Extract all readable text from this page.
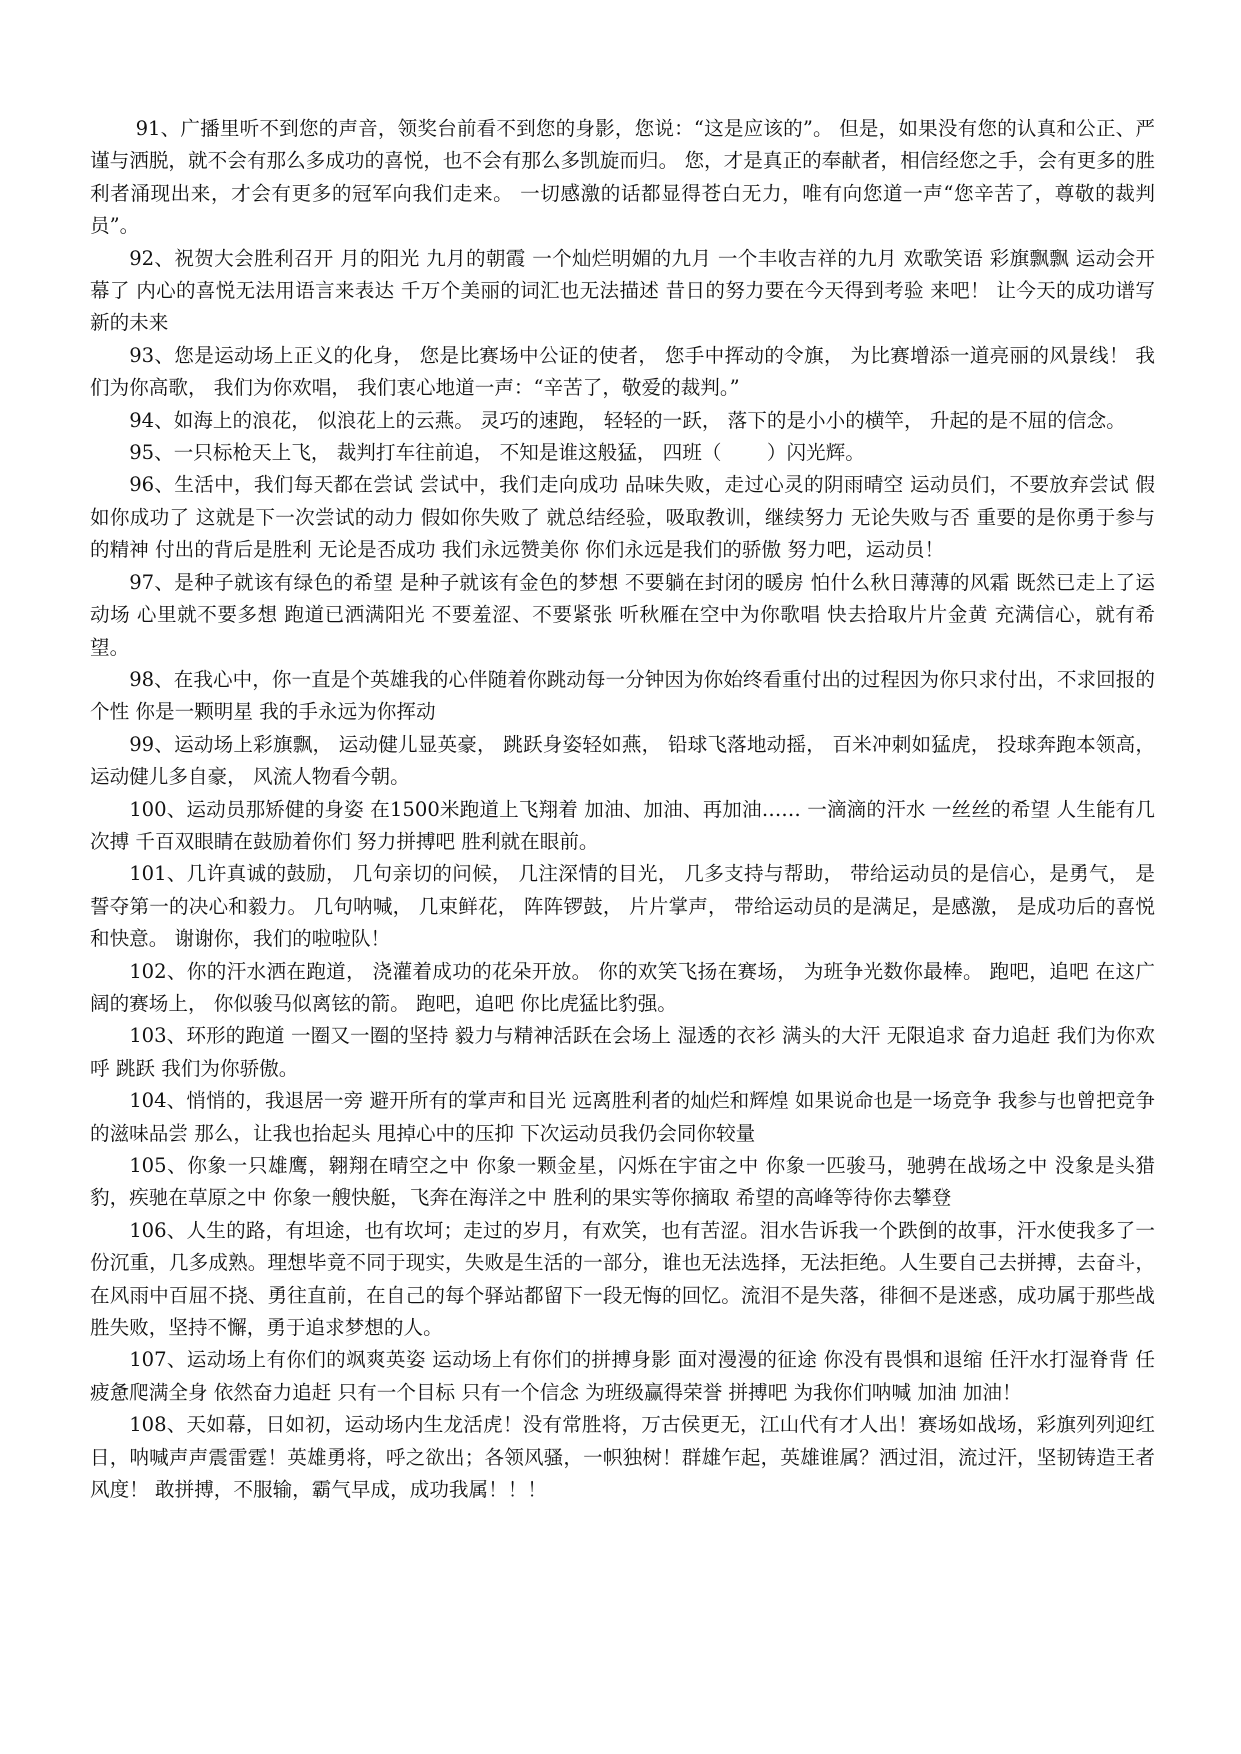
91、广播里听不到您的声音，领奖台前看不到您的身影，您说：“这是应该的”。 但是，如果没有您的认真和公正、严谨与洒脱，就不会有那么多成功的喜悦，也不会有那么多凯旋而归。 您，才是真正的奉献者，相信经您之手，会有更多的胜利者涌现出来，才会有更多的冠军向我们走来。 一切感激的话都显得苍白无力，唯有向您道一声“您辛苦了，尊敬的裁判员”。

92、祝贺大会胜利召开 月的阳光 九月的朝霞 一个灿烂明媚的九月 一个丰收吉祥的九月 欢歌笑语 彩旗飘飘 运动会开幕了 内心的喜悦无法用语言来表达 千万个美丽的词汇也无法描述 昔日的努力要在今天得到考验 来吧！ 让今天的成功谱写新的未来

93、您是运动场上正义的化身， 您是比赛场中公证的使者， 您手中挥动的令旗， 为比赛增添一道亮丽的风景线！ 我们为你高歌， 我们为你欢唱， 我们衷心地道一声：“辛苦了，敬爱的裁判。”

94、如海上的浪花， 似浪花上的云燕。 灵巧的速跑， 轻轻的一跃， 落下的是小小的横竿， 升起的是不屈的信念。

95、一只标枪天上飞， 裁判打车往前追， 不知是谁这般猛， 四班（　　 ）闪光辉。

96、生活中，我们每天都在尝试 尝试中，我们走向成功 品味失败，走过心灵的阴雨晴空 运动员们，不要放弃尝试 假如你成功了 这就是下一次尝试的动力 假如你失败了 就总结经验，吸取教训，继续努力 无论失败与否 重要的是你勇于参与的精神 付出的背后是胜利 无论是否成功 我们永远赞美你 你们永远是我们的骄傲 努力吧，运动员！

97、是种子就该有绿色的希望 是种子就该有金色的梦想 不要躺在封闭的暖房 怕什么秋日薄薄的风霜 既然已走上了运动场 心里就不要多想 跑道已洒满阳光 不要羞涩、不要紧张 听秋雁在空中为你歌唱 快去拾取片片金黄 充满信心，就有希望。

98、在我心中，你一直是个英雄我的心伴随着你跳动每一分钟因为你始终看重付出的过程因为你只求付出，不求回报的个性 你是一颗明星 我的手永远为你挥动

99、运动场上彩旗飘， 运动健儿显英豪， 跳跃身姿轻如燕， 铅球飞落地动摇， 百米冲刺如猛虎， 投球奔跑本领高， 运动健儿多自豪， 风流人物看今朝。

100、运动员那矫健的身姿 在1500米跑道上飞翔着 加油、加油、再加油…… 一滴滴的汗水 一丝丝的希望 人生能有几次搏 千百双眼睛在鼓励着你们 努力拼搏吧 胜利就在眼前。

101、几许真诚的鼓励， 几句亲切的问候， 几注深情的目光， 几多支持与帮助， 带给运动员的是信心，是勇气， 是誓夺第一的决心和毅力。 几句呐喊， 几束鲜花， 阵阵锣鼓， 片片掌声， 带给运动员的是满足，是感激， 是成功后的喜悦和快意。 谢谢你，我们的啦啦队！

102、你的汗水洒在跑道， 浇灌着成功的花朵开放。 你的欢笑飞扬在赛场， 为班争光数你最棒。 跑吧，追吧 在这广阔的赛场上， 你似骏马似离铉的箭。 跑吧，追吧 你比虎猛比豹强。

103、环形的跑道 一圈又一圈的坚持 毅力与精神活跃在会场上 湿透的衣衫 满头的大汗 无限追求 奋力追赶 我们为你欢呼 跳跃 我们为你骄傲。

104、悄悄的，我退居一旁 避开所有的掌声和目光 远离胜利者的灿烂和辉煌 如果说命也是一场竞争 我参与也曾把竞争的滋味品尝 那么，让我也抬起头 甩掉心中的压抑 下次运动员我仍会同你较量

105、你象一只雄鹰，翱翔在晴空之中 你象一颗金星，闪烁在宇宙之中 你象一匹骏马，驰骋在战场之中 没象是头猎豹，疾驰在草原之中 你象一艘快艇，飞奔在海洋之中 胜利的果实等你摘取 希望的高峰等待你去攀登

106、人生的路，有坦途，也有坎坷；走过的岁月，有欢笑，也有苦涩。泪水告诉我一个跌倒的故事，汗水使我多了一份沉重，几多成熟。理想毕竟不同于现实，失败是生活的一部分，谁也无法选择，无法拒绝。人生要自己去拼搏，去奋斗，在风雨中百屈不挠、勇往直前，在自己的每个驿站都留下一段无悔的回忆。流泪不是失落，徘徊不是迷惑，成功属于那些战胜失败，坚持不懈，勇于追求梦想的人。

107、运动场上有你们的飒爽英姿 运动场上有你们的拼搏身影 面对漫漫的征途 你没有畏惧和退缩 任汗水打湿脊背 任疲惫爬满全身 依然奋力追赶 只有一个目标 只有一个信念 为班级赢得荣誉 拼搏吧 为我你们呐喊 加油 加油！

108、天如幕，日如初，运动场内生龙活虎！没有常胜将，万古侯更无，江山代有才人出！赛场如战场，彩旗列列迎红日，呐喊声声震雷霆！英雄勇将，呼之欲出；各领风骚，一帜独树！群雄乍起，英雄谁属？洒过泪，流过汗，坚韧铸造王者风度！ 敢拼搏，不服输，霸气早成，成功我属！！！
